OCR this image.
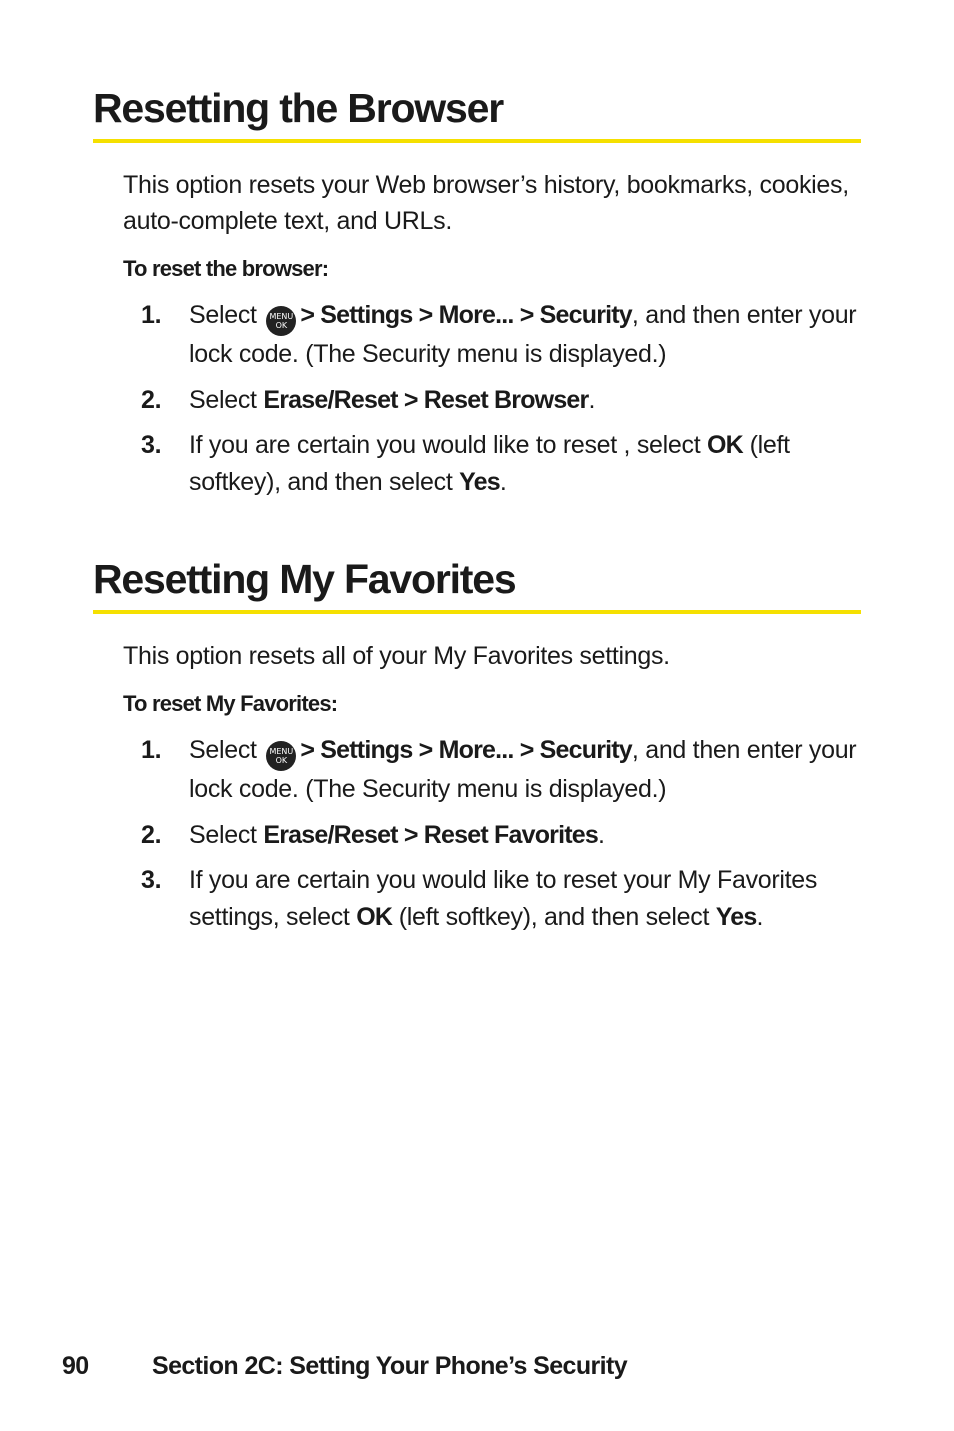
Resetting the Browser

This option resets your Web browser’s history, bookmarks, cookies, auto-complete text, and URLs.

To reset the browser:

1. Select MENU
OK > Settings > More... > Security, and then enter your lock code. (The Security menu is displayed.)
2. Select Erase/Reset > Reset Browser.
3. If you are certain you would like to reset , select OK (left softkey), and then select Yes.
Resetting My Favorites

This option resets all of your My Favorites settings.

To reset My Favorites:

1. Select MENU
OK > Settings > More... > Security, and then enter your lock code. (The Security menu is displayed.)
2. Select Erase/Reset > Reset Favorites.
3. If you are certain you would like to reset your My Favorites settings, select OK (left softkey), and then select Yes.
90	Section 2C: Setting Your Phone’s Security
